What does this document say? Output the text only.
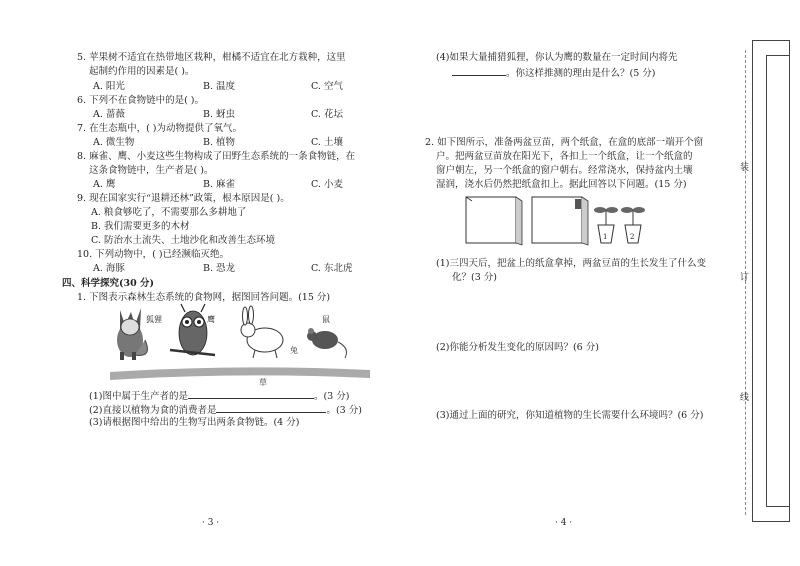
5. 苹果树不适宜在热带地区栽种，柑橘不适宜在北方栽种，这里
起制约作用的因素是( )。
A. 阳光	B. 温度	C. 空气
6. 下列不在食物链中的是( )。
A. 蔷薇	B. 蚜虫	C. 花坛
7. 在生态瓶中，( )为动物提供了氧气。
A. 微生物	B. 植物	C. 土壤
8. 麻雀、鹰、小麦这些生物构成了田野生态系统的一条食物链，在
这条食物链中，生产者是( )。
A. 鹰	B. 麻雀	C. 小麦
9. 现在国家实行“退耕还林”政策，根本原因是( )。
A. 粮食够吃了，不需要那么多耕地了
B. 我们需要更多的木材
C. 防治水土流失、土地沙化和改善生态环境
10. 下列动物中，( )已经濒临灭绝。
A. 海豚	B. 恐龙	C. 东北虎
四、科学探究(30 分)
1. 下图表示森林生态系统的食物网，据图回答问题。(15 分)
狐狸	鹰
兔
鼠
草
(1)图中属于生产者的是	。(3 分)
(2)直接以植物为食的消费者是	。(3 分)
(3)请根据图中给出的生物写出两条食物链。(4 分)
· 3 ·
(4)如果大量捕猎狐狸，你认为鹰的数量在一定时间内将先
。你这样推测的理由是什么？(5 分)
2. 如下图所示，准备两盆豆苗，两个纸盒，在盒的底部一端开个窗
户。把两盆豆苗放在阳光下，各扣上一个纸盒，让一个纸盒的
窗户朝左，另一个纸盒的窗户朝右。经常浇水，保持盆内土壤
湿润，浇水后仍然把纸盒扣上。据此回答以下问题。(15 分)
1	2
(1)三四天后，把盆上的纸盒拿掉，两盆豆苗的生长发生了什么变
化？(3 分)
(2)你能分析发生变化的原因吗？(6 分)
(3)通过上面的研究，你知道植物的生长需要什么环境吗？(6 分)
· 4 ·
装
订
线
